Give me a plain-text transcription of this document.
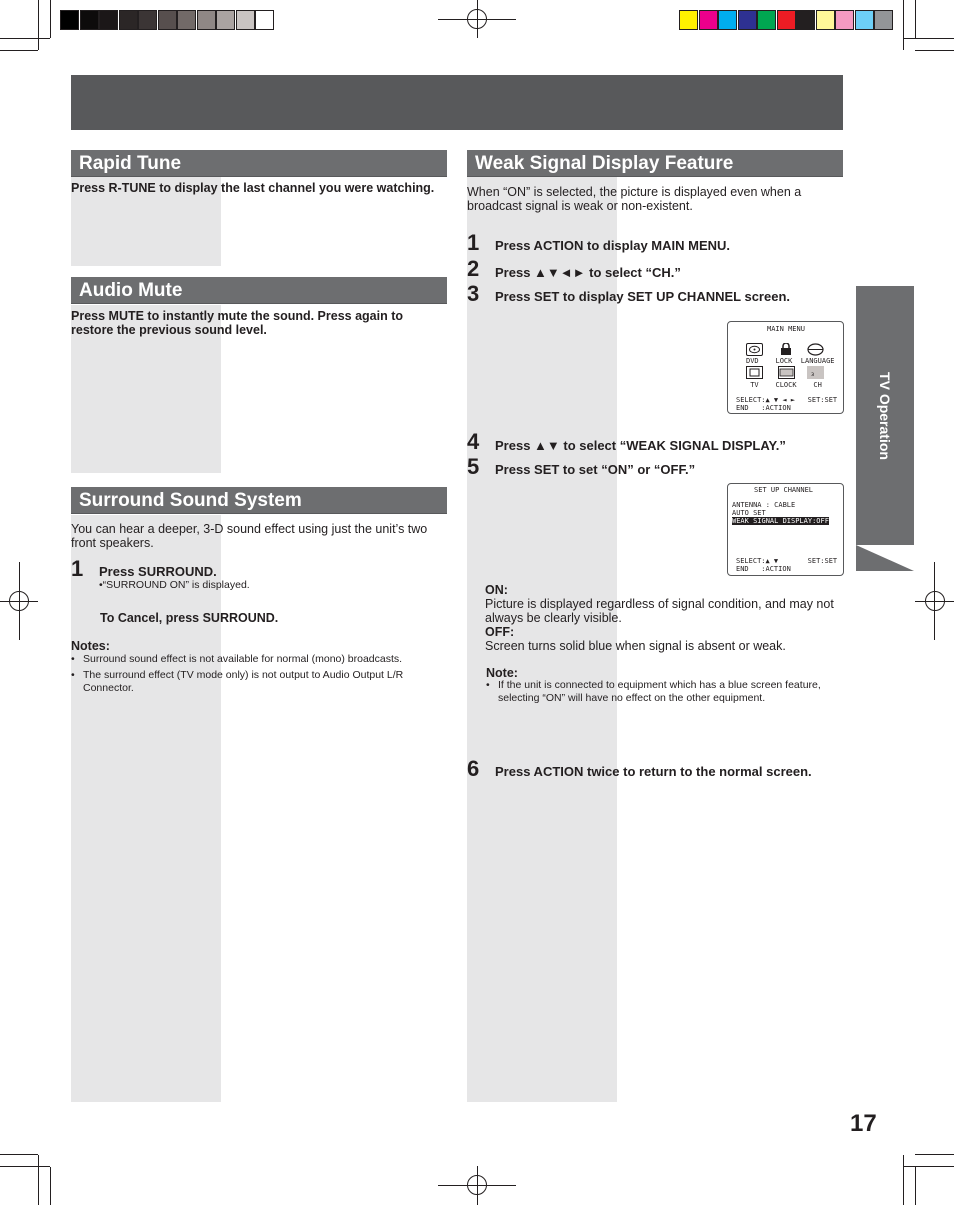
Rapid Tune
Press R-TUNE to display the last channel you were watching.
Audio Mute
Press MUTE to instantly mute the sound. Press again to restore the previous sound level.
Surround Sound System
You can hear a deeper, 3-D sound effect using just the unit’s two front speakers.
1 Press SURROUND.
•“SURROUND ON” is displayed.
To Cancel, press SURROUND.
Notes:
• Surround sound effect is not available for normal (mono) broadcasts.
• The surround effect (TV mode only) is not output to Audio Output L/R Connector.
Weak Signal Display Feature
When “ON” is selected, the picture is displayed even when a broadcast signal is weak or non-existent.
1 Press ACTION to display MAIN MENU.
2 Press ▲▼◄► to select “CH.”
3 Press SET to display SET UP CHANNEL screen.
MAIN MENU
DVD    LOCK  LANGUAGE
₃
TV    CLOCK    CH
SELECT:▲ ▼ ◄ ►   SET:SET
END   :ACTION
4 Press ▲▼ to select “WEAK SIGNAL DISPLAY.”
5 Press SET to set “ON” or “OFF.”
SET UP CHANNEL
ANTENNA : CABLE
AUTO SET
WEAK SIGNAL DISPLAY:OFF
SELECT:▲ ▼       SET:SET
END   :ACTION
ON:
Picture is displayed regardless of signal condition, and may not always be clearly visible.
OFF:
Screen turns solid blue when signal is absent or weak.
Note:
• If the unit is connected to equipment which has a blue screen feature, selecting “ON” will have no effect on the other equipment.
6 Press ACTION twice to return to the normal screen.
TV Operation
17
